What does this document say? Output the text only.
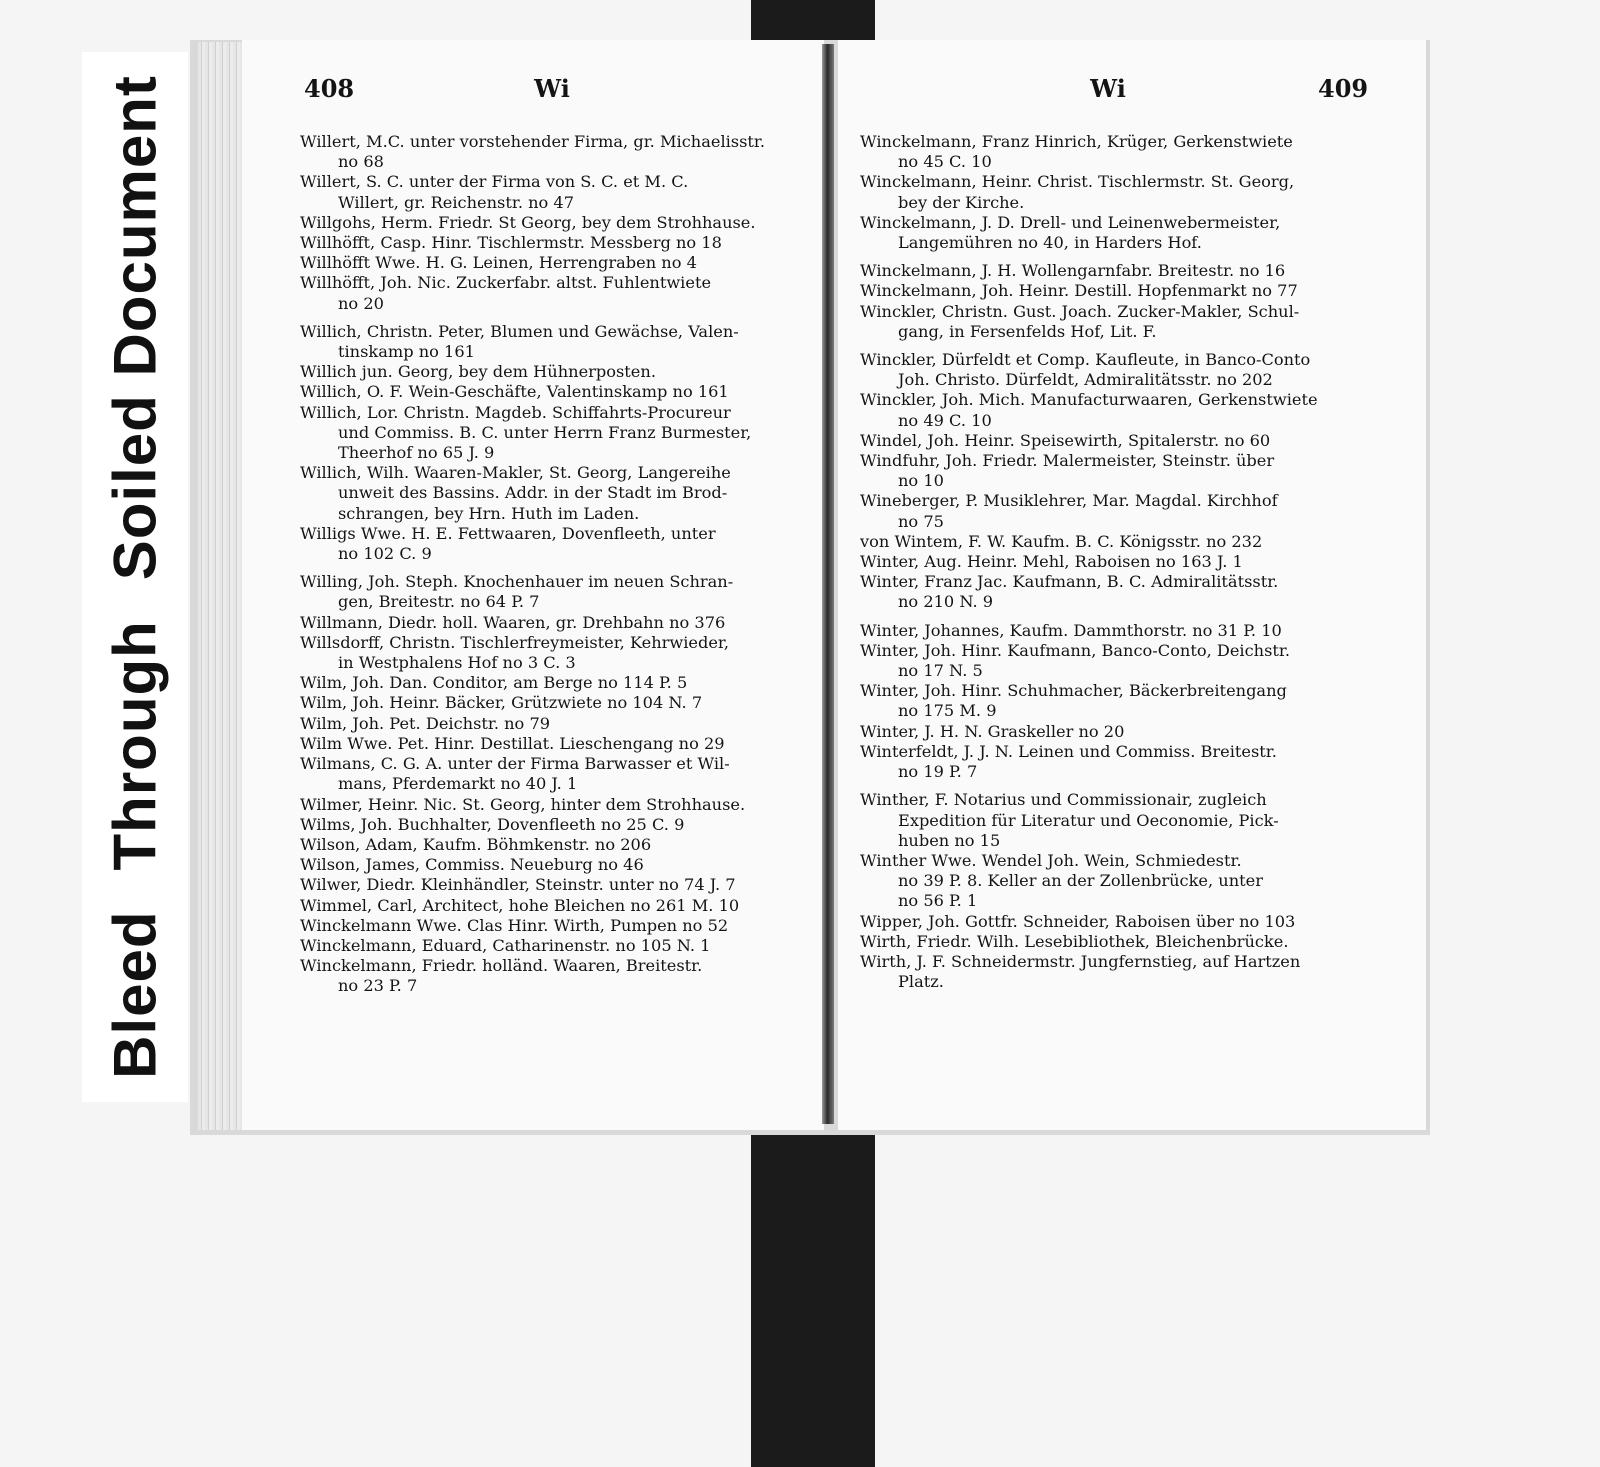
BleedThroughSoiled Document	408	Wi
Willert, M.C. unter vorstehender Firma, gr. Michaelisstr.
no 68
Willert, S. C. unter der Firma von S. C. et M. C.
Willert, gr. Reichenstr. no 47
Willgohs, Herm. Friedr. St Georg, bey dem Strohhause.
Willhöfft, Casp. Hinr. Tischlermstr. Messberg no 18
Willhöfft Wwe. H. G. Leinen, Herrengraben no 4
Willhöfft, Joh. Nic. Zuckerfabr. altst. Fuhlentwiete
no 20
Willich, Christn. Peter, Blumen und Gewächse, Valen-
tinskamp no 161
Willich jun. Georg, bey dem Hühnerposten.
Willich, O. F. Wein-Geschäfte, Valentinskamp no 161
Willich, Lor. Christn. Magdeb. Schiffahrts-Procureur
und Commiss. B. C. unter Herrn Franz Burmester,
Theerhof no 65 J. 9
Willich, Wilh. Waaren-Makler, St. Georg, Langereihe
unweit des Bassins. Addr. in der Stadt im Brod-
schrangen, bey Hrn. Huth im Laden.
Willigs Wwe. H. E. Fettwaaren, Dovenfleeth, unter
no 102 C. 9
Willing, Joh. Steph. Knochenhauer im neuen Schran-
gen, Breitestr. no 64 P. 7
Willmann, Diedr. holl. Waaren, gr. Drehbahn no 376
Willsdorff, Christn. Tischlerfreymeister, Kehrwieder,
in Westphalens Hof no 3 C. 3
Wilm, Joh. Dan. Conditor, am Berge no 114 P. 5
Wilm, Joh. Heinr. Bäcker, Grützwiete no 104 N. 7
Wilm, Joh. Pet. Deichstr. no 79
Wilm Wwe. Pet. Hinr. Destillat. Lieschengang no 29
Wilmans, C. G. A. unter der Firma Barwasser et Wil-
mans, Pferdemarkt no 40 J. 1
Wilmer, Heinr. Nic. St. Georg, hinter dem Strohhause.
Wilms, Joh. Buchhalter, Dovenfleeth no 25 C. 9
Wilson, Adam, Kaufm. Böhmkenstr. no 206
Wilson, James, Commiss. Neueburg no 46
Wilwer, Diedr. Kleinhändler, Steinstr. unter no 74 J. 7
Wimmel, Carl, Architect, hohe Bleichen no 261 M. 10
Winckelmann Wwe. Clas Hinr. Wirth, Pumpen no 52
Winckelmann, Eduard, Catharinenstr. no 105 N. 1
Winckelmann, Friedr. holländ. Waaren, Breitestr.
no 23 P. 7
Wi	409
Winckelmann, Franz Hinrich, Krüger, Gerkenstwiete
no 45 C. 10
Winckelmann, Heinr. Christ. Tischlermstr. St. Georg,
bey der Kirche.
Winckelmann, J. D. Drell- und Leinenwebermeister,
Langemühren no 40, in Harders Hof.
Winckelmann, J. H. Wollengarnfabr. Breitestr. no 16
Winckelmann, Joh. Heinr. Destill. Hopfenmarkt no 77
Winckler, Christn. Gust. Joach. Zucker-Makler, Schul-
gang, in Fersenfelds Hof, Lit. F.
Winckler, Dürfeldt et Comp. Kaufleute, in Banco-Conto
Joh. Christo. Dürfeldt, Admiralitätsstr. no 202
Winckler, Joh. Mich. Manufacturwaaren, Gerkenstwiete
no 49 C. 10
Windel, Joh. Heinr. Speisewirth, Spitalerstr. no 60
Windfuhr, Joh. Friedr. Malermeister, Steinstr. über
no 10
Wineberger, P. Musiklehrer, Mar. Magdal. Kirchhof
no 75
von Wintem, F. W. Kaufm. B. C. Königsstr. no 232
Winter, Aug. Heinr. Mehl, Raboisen no 163 J. 1
Winter, Franz Jac. Kaufmann, B. C. Admiralitätsstr.
no 210 N. 9
Winter, Johannes, Kaufm. Dammthorstr. no 31 P. 10
Winter, Joh. Hinr. Kaufmann, Banco-Conto, Deichstr.
no 17 N. 5
Winter, Joh. Hinr. Schuhmacher, Bäckerbreitengang
no 175 M. 9
Winter, J. H. N. Graskeller no 20
Winterfeldt, J. J. N. Leinen und Commiss. Breitestr.
no 19 P. 7
Winther, F. Notarius und Commissionair, zugleich
Expedition für Literatur und Oeconomie, Pick-
huben no 15
Winther Wwe. Wendel Joh. Wein, Schmiedestr.
no 39 P. 8. Keller an der Zollenbrücke, unter
no 56 P. 1
Wipper, Joh. Gottfr. Schneider, Raboisen über no 103
Wirth, Friedr. Wilh. Lesebibliothek, Bleichenbrücke.
Wirth, J. F. Schneidermstr. Jungfernstieg, auf Hartzen
Platz.
